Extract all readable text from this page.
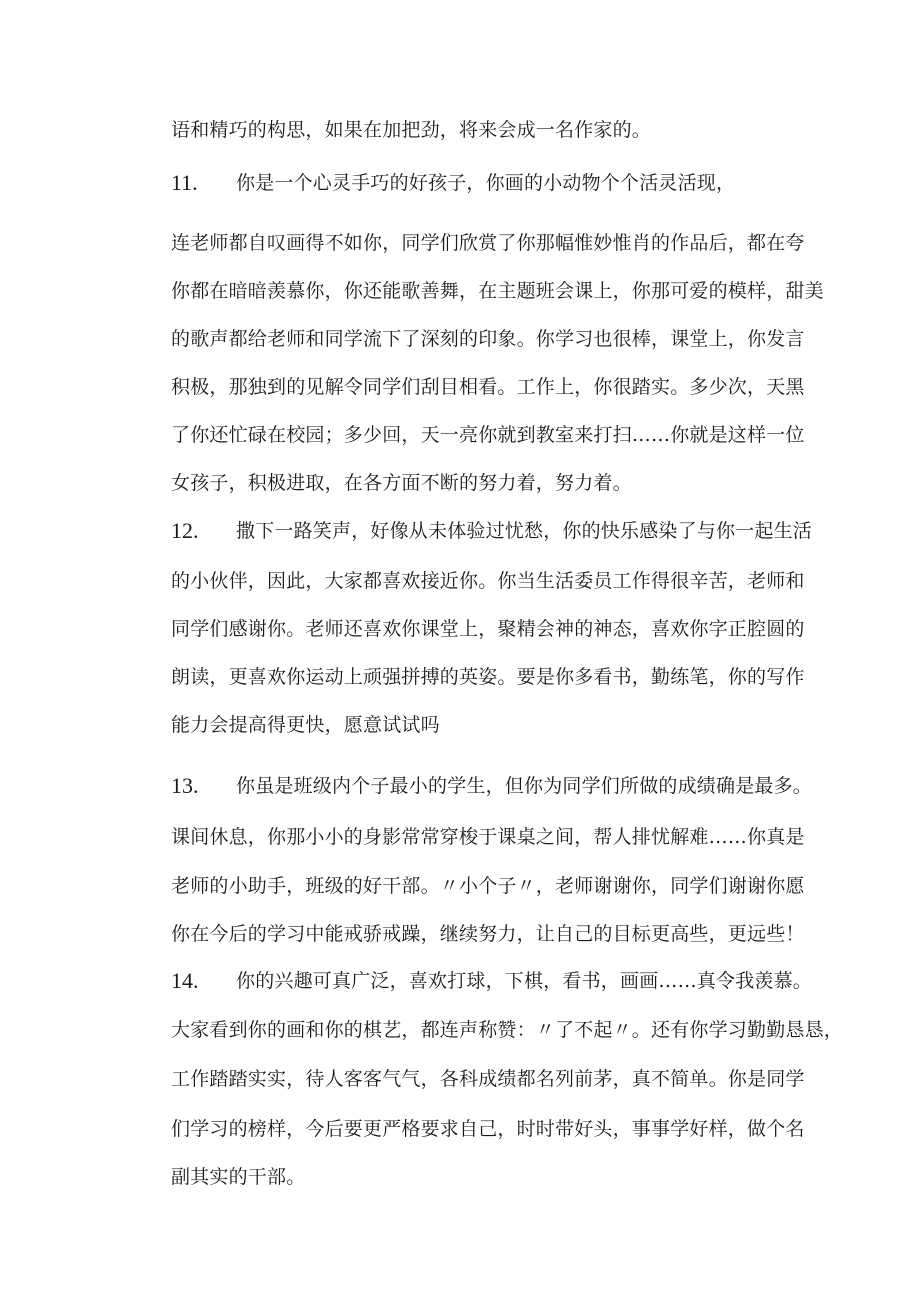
语和精巧的构思，如果在加把劲，将来会成一名作家的。
11. 你是一个心灵手巧的好孩子，你画的小动物个个活灵活现，
连老师都自叹画得不如你，同学们欣赏了你那幅惟妙惟肖的作品后，都在夸
你都在暗暗羡慕你，你还能歌善舞，在主题班会课上，你那可爱的模样，甜美
的歌声都给老师和同学流下了深刻的印象。你学习也很棒，课堂上，你发言
积极，那独到的见解令同学们刮目相看。工作上，你很踏实。多少次，天黑
了你还忙碌在校园；多少回，天一亮你就到教室来打扫……你就是这样一位
女孩子，积极进取，在各方面不断的努力着，努力着。
12. 撒下一路笑声，好像从未体验过忧愁，你的快乐感染了与你一起生活
的小伙伴，因此，大家都喜欢接近你。你当生活委员工作得很辛苦，老师和
同学们感谢你。老师还喜欢你课堂上，聚精会神的神态，喜欢你字正腔圆的
朗读，更喜欢你运动上顽强拼搏的英姿。要是你多看书，勤练笔，你的写作
能力会提高得更快，愿意试试吗
13. 你虽是班级内个子最小的学生，但你为同学们所做的成绩确是最多。
课间休息，你那小小的身影常常穿梭于课桌之间，帮人排忧解难……你真是
老师的小助手，班级的好干部。〃小个子〃，老师谢谢你，同学们谢谢你愿
你在今后的学习中能戒骄戒躁，继续努力，让自己的目标更高些，更远些！
14. 你的兴趣可真广泛，喜欢打球，下棋，看书，画画……真令我羡慕。
大家看到你的画和你的棋艺，都连声称赞：〃了不起〃。还有你学习勤勤恳恳，
工作踏踏实实，待人客客气气，各科成绩都名列前茅，真不简单。你是同学
们学习的榜样，今后要更严格要求自己，时时带好头，事事学好样，做个名
副其实的干部。
